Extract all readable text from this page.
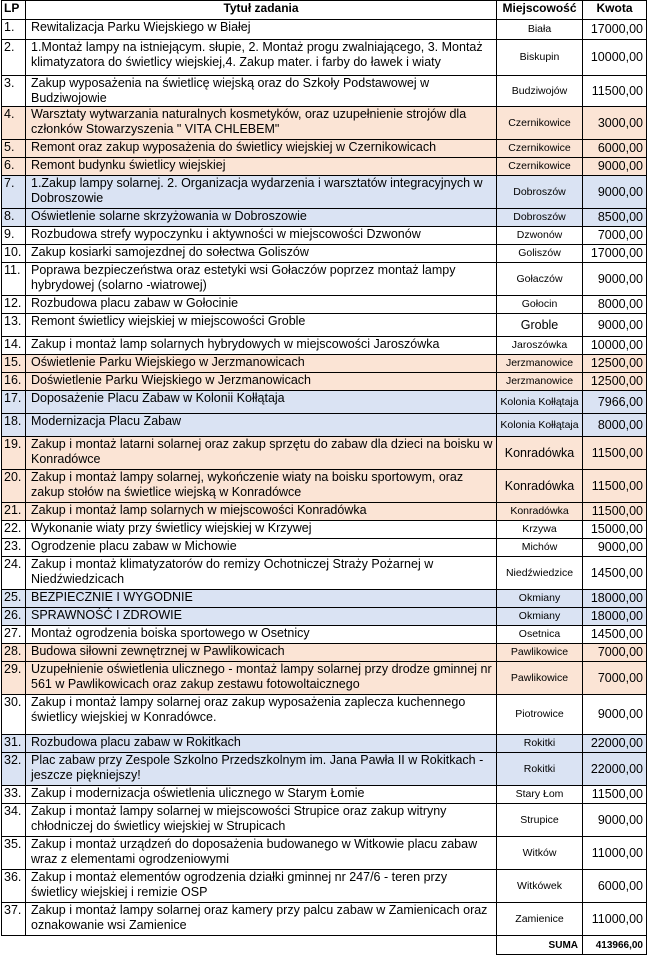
LP	Tytuł zadania	Miejscowość	Kwota
1.	Rewitalizacja Parku Wiejskiego w Białej	Biała	17000,00
2.	1.Montaż lampy na istniejącym. słupie, 2. Montaż progu zwalniającego, 3. Montaż klimatyzatora do świetlicy wiejskiej,4. Zakup mater. i farby do ławek i wiaty	Biskupin	10000,00
3.	Zakup wyposażenia na świetlicę wiejską oraz do Szkoły Podstawowej w Budziwojowie	Budziwojów	11500,00
4.	Warsztaty wytwarzania naturalnych kosmetyków, oraz uzupełnienie strojów dla członków Stowarzyszenia " VITA CHLEBEM"	Czernikowice	3000,00
5.	Remont oraz zakup wyposażenia do świetlicy wiejskiej w Czernikowicach	Czernikowice	6000,00
6.	Remont budynku świetlicy wiejskiej	Czernikowice	9000,00
7.	1.Zakup lampy solarnej. 2. Organizacja wydarzenia i warsztatów integracyjnych w Dobroszowie	Dobroszów	9000,00
8.	Oświetlenie solarne skrzyżowania w Dobroszowie	Dobroszów	8500,00
9.	Rozbudowa strefy wypoczynku i aktywności w miejscowości Dzwonów	Dzwonów	7000,00
10.	Zakup kosiarki samojezdnej do sołectwa Goliszów	Goliszów	17000,00
11.	Poprawa bezpieczeństwa oraz estetyki wsi Gołaczów poprzez montaż lampy hybrydowej (solarno -wiatrowej)	Gołaczów	9000,00
12.	Rozbudowa placu zabaw w Gołocinie	Gołocin	8000,00
13.	Remont świetlicy wiejskiej w miejscowości Groble	Groble	9000,00
14.	Zakup i montaż lamp solarnych hybrydowych w miejscowości Jaroszówka	Jaroszówka	10000,00
15.	Oświetlenie Parku Wiejskiego w Jerzmanowicach	Jerzmanowice	12500,00
16.	Doświetlenie Parku Wiejskiego w Jerzmanowicach	Jerzmanowice	12500,00
17.	Doposażenie Placu Zabaw w Kolonii Kołłątaja	Kolonia Kołłątaja	7966,00
18.	Modernizacja Placu Zabaw	Kolonia Kołłątaja	8000,00
19.	Zakup i montaż latarni solarnej oraz zakup sprzętu do zabaw dla dzieci na boisku w Konradówce	Konradówka	11500,00
20.	Zakup i montaż lampy solarnej, wykończenie wiaty na boisku sportowym, oraz zakup stołów na świetlice wiejską w Konradówce	Konradówka	11500,00
21.	Zakup i montaż lamp solarnych w miejscowości Konradówka	Konradówka	11500,00
22.	Wykonanie wiaty przy świetlicy wiejskiej w Krzywej	Krzywa	15000,00
23.	Ogrodzenie placu zabaw w Michowie	Michów	9000,00
24.	Zakup i montaż klimatyzatorów do remizy Ochotniczej Straży Pożarnej w Niedźwiedzicach	Niedźwiedzice	14500,00
25.	BEZPIECZNIE I WYGODNIE	Okmiany	18000,00
26.	SPRAWNOŚĆ I ZDROWIE	Okmiany	18000,00
27.	Montaż ogrodzenia boiska sportowego w Osetnicy	Osetnica	14500,00
28.	Budowa siłowni zewnętrznej w Pawlikowicach	Pawlikowice	7000,00
29.	Uzupełnienie oświetlenia ulicznego - montaż lampy solarnej przy drodze gminnej nr 561 w Pawlikowicach oraz zakup zestawu fotowoltaicznego	Pawlikowice	7000,00
30.	Zakup i montaż lampy solarnej oraz zakup wyposażenia zaplecza kuchennego świetlicy wiejskiej w Konradówce.	Piotrowice	9000,00
31.	Rozbudowa placu zabaw w Rokitkach	Rokitki	22000,00
32.	Plac zabaw przy Zespole Szkolno Przedszkolnym im. Jana Pawła II w Rokitkach - jeszcze piękniejszy!	Rokitki	22000,00
33.	Zakup i modernizacja oświetlenia ulicznego w Starym Łomie	Stary Łom	11500,00
34.	Zakup i montaż lampy solarnej w miejscowości Strupice oraz zakup witryny chłodniczej do świetlicy wiejskiej w Strupicach	Strupice	9000,00
35.	Zakup i montaż urządzeń do doposażenia budowanego w Witkowie placu zabaw wraz z elementami ogrodzeniowymi	Witków	11000,00
36.	Zakup i montaż elementów ogrodzenia działki gminnej nr 247/6 - teren przy świetlicy wiejskiej i remizie OSP	Witkówek	6000,00
37.	Zakup i montaż lampy solarnej oraz kamery przy palcu zabaw w Zamienicach oraz oznakowanie wsi Zamienice	Zamienice	11000,00
		SUMA	413966,00
